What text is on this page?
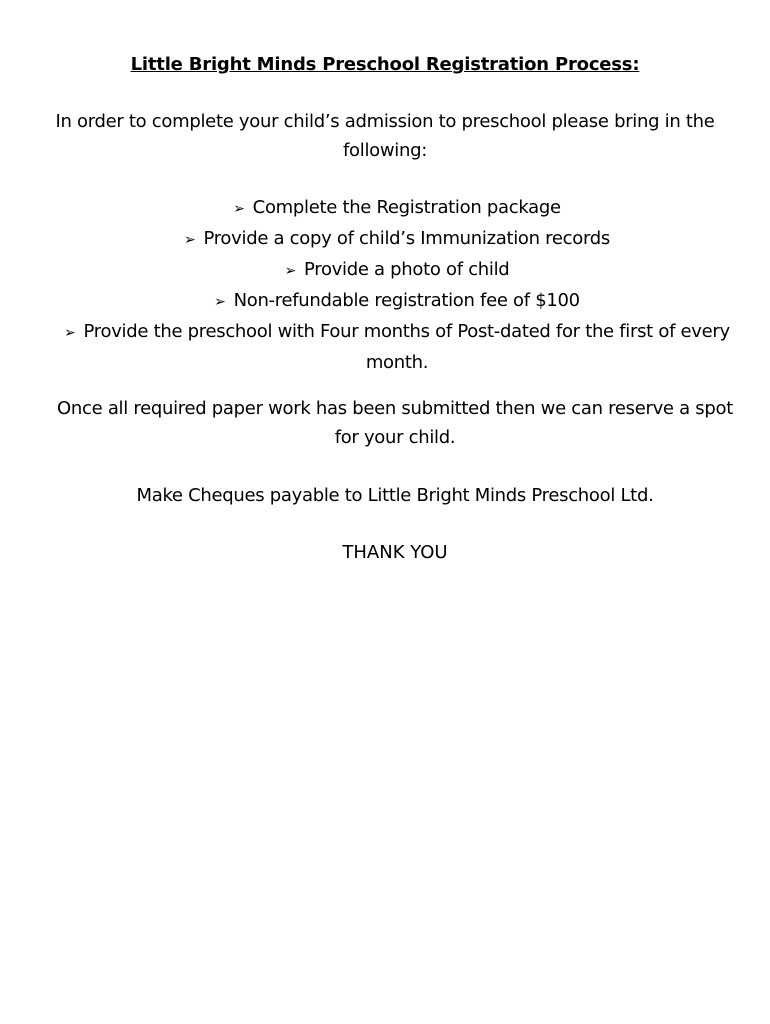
Little Bright Minds Preschool Registration Process:
In order to complete your child’s admission to preschool please bring in the following:
➢ Complete the Registration package
➢ Provide a copy of child’s Immunization records
➢ Provide a photo of child
➢ Non-refundable registration fee of $100
➢ Provide the preschool with Four months of Post-dated for the first of every month.
Once all required paper work has been submitted then we can reserve a spot for your child.
Make Cheques payable to Little Bright Minds Preschool Ltd.
THANK YOU
